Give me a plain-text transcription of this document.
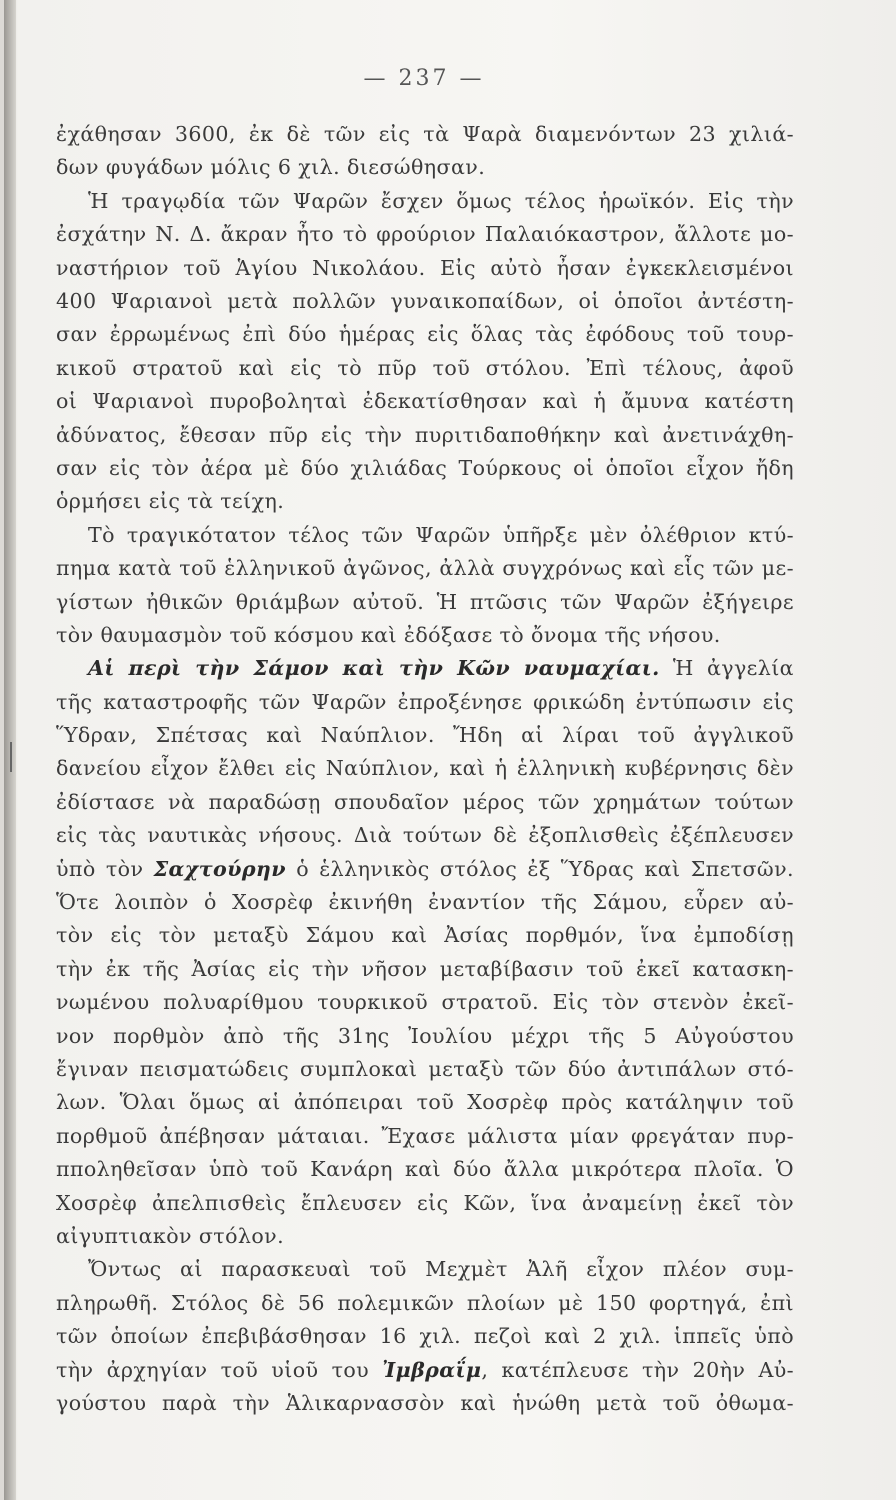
— 237 —
ἐχάθησαν 3600, ἐκ δὲ τῶν εἰς τὰ Ψαρὰ διαμενόντων 23 χιλιά-
δων φυγάδων μόλις 6 χιλ. διεσώθησαν.
Ἡ τραγῳδία τῶν Ψαρῶν ἔσχεν ὅμως τέλος ἡρωϊκόν. Εἰς τὴν
ἐσχάτην Ν. Δ. ἄκραν ἦτο τὸ φρούριον Παλαιόκαστρον, ἄλλοτε μο-
ναστήριον τοῦ Ἁγίου Νικολάου. Εἰς αὐτὸ ἦσαν ἐγκεκλεισμένοι
400 Ψαριανοὶ μετὰ πολλῶν γυναικοπαίδων, οἱ ὁποῖοι ἀντέστη-
σαν ἐρρωμένως ἐπὶ δύο ἡμέρας εἰς ὅλας τὰς ἐφόδους τοῦ τουρ-
κικοῦ στρατοῦ καὶ εἰς τὸ πῦρ τοῦ στόλου. Ἐπὶ τέλους, ἀφοῦ
οἱ Ψαριανοὶ πυροβοληταὶ ἐδεκατίσθησαν καὶ ἡ ἄμυνα κατέστη
ἀδύνατος, ἔθεσαν πῦρ εἰς τὴν πυριτιδαποθήκην καὶ ἀνετινάχθη-
σαν εἰς τὸν ἀέρα μὲ δύο χιλιάδας Τούρκους οἱ ὁποῖοι εἶχον ἤδη
ὁρμήσει εἰς τὰ τείχη.
Τὸ τραγικότατον τέλος τῶν Ψαρῶν ὑπῆρξε μὲν ὀλέθριον κτύ-
πημα κατὰ τοῦ ἑλληνικοῦ ἀγῶνος, ἀλλὰ συγχρόνως καὶ εἷς τῶν με-
γίστων ἠθικῶν θριάμβων αὐτοῦ. Ἡ πτῶσις τῶν Ψαρῶν ἐξήγειρε
τὸν θαυμασμὸν τοῦ κόσμου καὶ ἐδόξασε τὸ ὄνομα τῆς νήσου.
Αἱ περὶ τὴν Σάμον καὶ τὴν Κῶν ναυμαχίαι. Ἡ ἀγγελία
τῆς καταστροφῆς τῶν Ψαρῶν ἐπροξένησε φρικώδη ἐντύπωσιν εἰς
Ὕδραν, Σπέτσας καὶ Ναύπλιον. Ἤδη αἱ λίραι τοῦ ἀγγλικοῦ
δανείου εἶχον ἔλθει εἰς Ναύπλιον, καὶ ἡ ἑλληνικὴ κυβέρνησις δὲν
ἐδίστασε νὰ παραδώσῃ σπουδαῖον μέρος τῶν χρημάτων τούτων
εἰς τὰς ναυτικὰς νήσους. Διὰ τούτων δὲ ἐξοπλισθεὶς ἐξέπλευσεν
ὑπὸ τὸν Σαχτούρην ὁ ἑλληνικὸς στόλος ἐξ Ὕδρας καὶ Σπετσῶν.
Ὅτε λοιπὸν ὁ Χοσρὲφ ἐκινήθη ἐναντίον τῆς Σάμου, εὗρεν αὐ-
τὸν εἰς τὸν μεταξὺ Σάμου καὶ Ἀσίας πορθμόν, ἵνα ἐμποδίσῃ
τὴν ἐκ τῆς Ἀσίας εἰς τὴν νῆσον μεταβίβασιν τοῦ ἐκεῖ κατασκη-
νωμένου πολυαρίθμου τουρκικοῦ στρατοῦ. Εἰς τὸν στενὸν ἐκεῖ-
νον πορθμὸν ἀπὸ τῆς 31ης Ἰουλίου μέχρι τῆς 5 Αὐγούστου
ἔγιναν πεισματώδεις συμπλοκαὶ μεταξὺ τῶν δύο ἀντιπάλων στό-
λων. Ὅλαι ὅμως αἱ ἀπόπειραι τοῦ Χοσρὲφ πρὸς κατάληψιν τοῦ
πορθμοῦ ἀπέβησαν μάταιαι. Ἔχασε μάλιστα μίαν φρεγάταν πυρ-
πποληθεῖσαν ὑπὸ τοῦ Κανάρη καὶ δύο ἄλλα μικρότερα πλοῖα. Ὁ
Χοσρὲφ ἀπελπισθεὶς ἔπλευσεν εἰς Κῶν, ἵνα ἀναμείνῃ ἐκεῖ τὸν
αἰγυπτιακὸν στόλον.
Ὄντως αἱ παρασκευαὶ τοῦ Μεχμὲτ Ἀλῆ εἶχον πλέον συμ-
πληρωθῆ. Στόλος δὲ 56 πολεμικῶν πλοίων μὲ 150 φορτηγά, ἐπὶ
τῶν ὁποίων ἐπεβιβάσθησαν 16 χιλ. πεζοὶ καὶ 2 χιλ. ἱππεῖς ὑπὸ
τὴν ἀρχηγίαν τοῦ υἱοῦ του Ἰμβραΐμ, κατέπλευσε τὴν 20ὴν Αὐ-
γούστου παρὰ τὴν Ἁλικαρνασσὸν καὶ ἡνώθη μετὰ τοῦ ὀθωμα-
